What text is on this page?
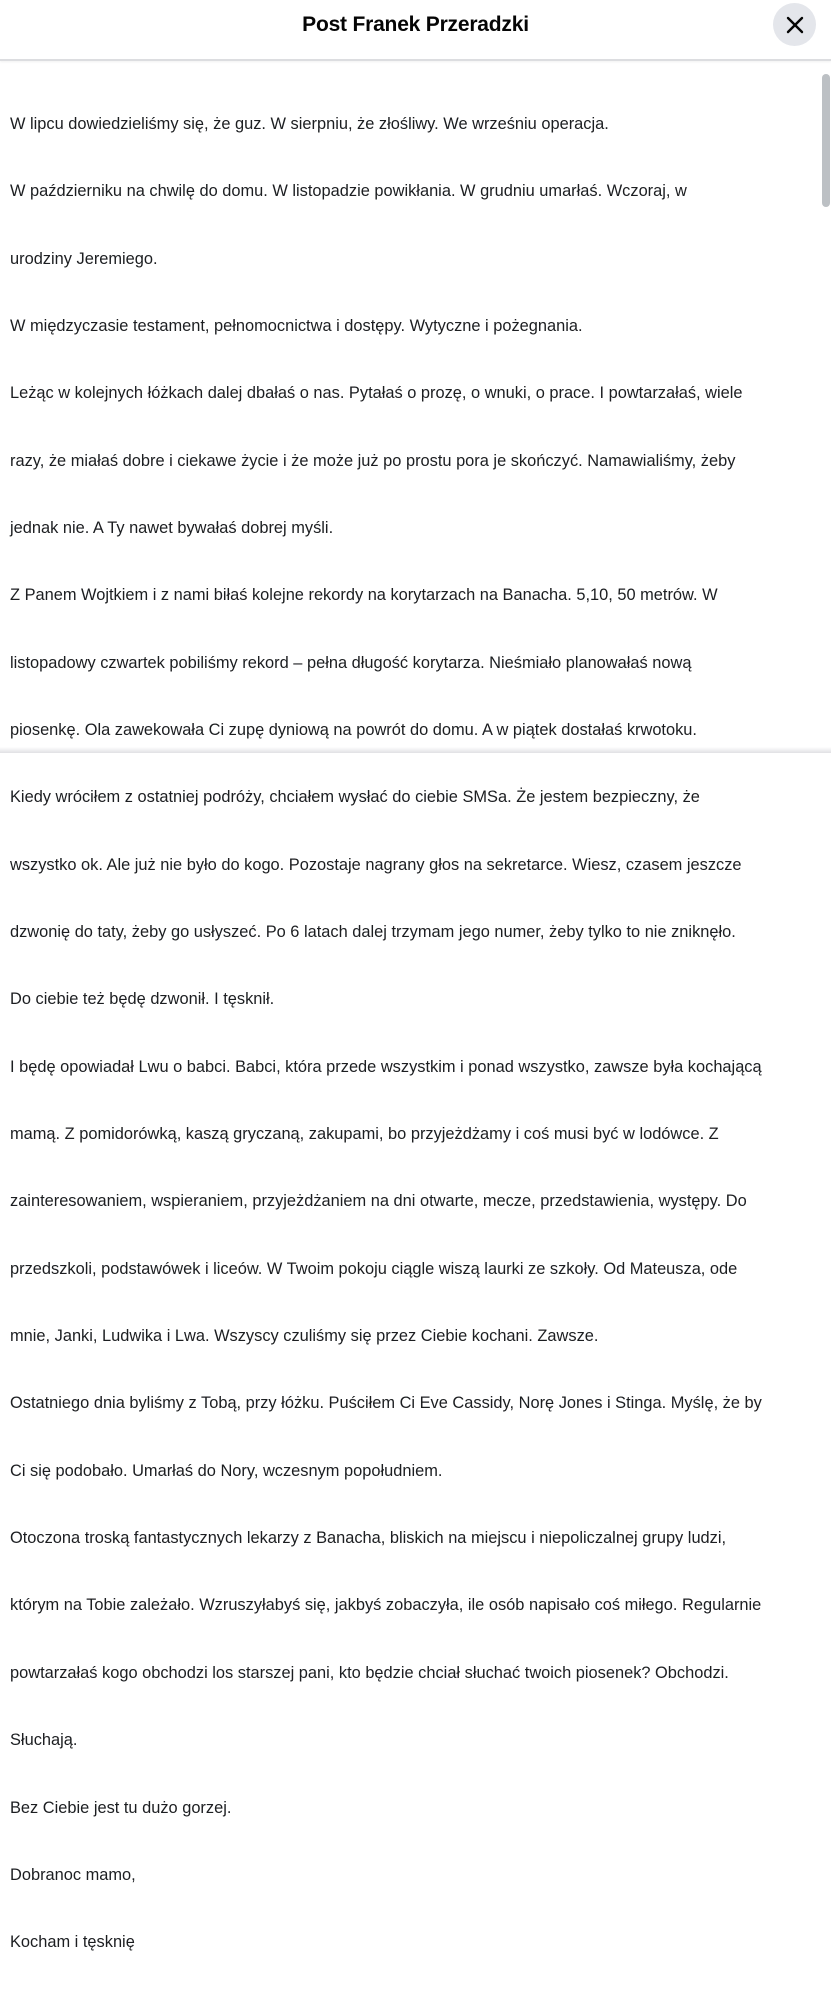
Post Franek Przeradzki

W lipcu dowiedzieliśmy się, że guz. W sierpniu, że złośliwy. We wrześniu operacja.

W październiku na chwilę do domu. W listopadzie powikłania. W grudniu umarłaś. Wczoraj, w

urodziny Jeremiego.

W międzyczasie testament, pełnomocnictwa i dostępy. Wytyczne i pożegnania.

Leżąc w kolejnych łóżkach dalej dbałaś o nas. Pytałaś o prozę, o wnuki, o prace. I powtarzałaś, wiele

razy, że miałaś dobre i ciekawe życie i że może już po prostu pora je skończyć. Namawialiśmy, żeby

jednak nie. A Ty nawet bywałaś dobrej myśli.

Z Panem Wojtkiem i z nami biłaś kolejne rekordy na korytarzach na Banacha. 5,10, 50 metrów. W

listopadowy czwartek pobiliśmy rekord – pełna długość korytarza. Nieśmiało planowałaś nową

piosenkę. Ola zawekowała Ci zupę dyniową na powrót do domu. A w piątek dostałaś krwotoku.

Kiedy wróciłem z ostatniej podróży, chciałem wysłać do ciebie SMSa. Że jestem bezpieczny, że

wszystko ok. Ale już nie było do kogo. Pozostaje nagrany głos na sekretarce. Wiesz, czasem jeszcze

dzwonię do taty, żeby go usłyszeć. Po 6 latach dalej trzymam jego numer, żeby tylko to nie zniknęło.

Do ciebie też będę dzwonił. I tęsknił.

I będę opowiadał Lwu o babci. Babci, która przede wszystkim i ponad wszystko, zawsze była kochającą

mamą. Z pomidorówką, kaszą gryczaną, zakupami, bo przyjeżdżamy i coś musi być w lodówce. Z

zainteresowaniem, wspieraniem, przyjeżdżaniem na dni otwarte, mecze, przedstawienia, występy. Do

przedszkoli, podstawówek i liceów. W Twoim pokoju ciągle wiszą laurki ze szkoły. Od Mateusza, ode

mnie, Janki, Ludwika i Lwa. Wszyscy czuliśmy się przez Ciebie kochani. Zawsze.

Ostatniego dnia byliśmy z Tobą, przy łóżku. Puściłem Ci Eve Cassidy, Norę Jones i Stinga. Myślę, że by

Ci się podobało. Umarłaś do Nory, wczesnym popołudniem.

Otoczona troską fantastycznych lekarzy z Banacha, bliskich na miejscu i niepoliczalnej grupy ludzi,

którym na Tobie zależało. Wzruszyłabyś się, jakbyś zobaczyła, ile osób napisało coś miłego. Regularnie

powtarzałaś kogo obchodzi los starszej pani, kto będzie chciał słuchać twoich piosenek? Obchodzi.

Słuchają.

Bez Ciebie jest tu dużo gorzej.

Dobranoc mamo,

Kocham i tęsknię
